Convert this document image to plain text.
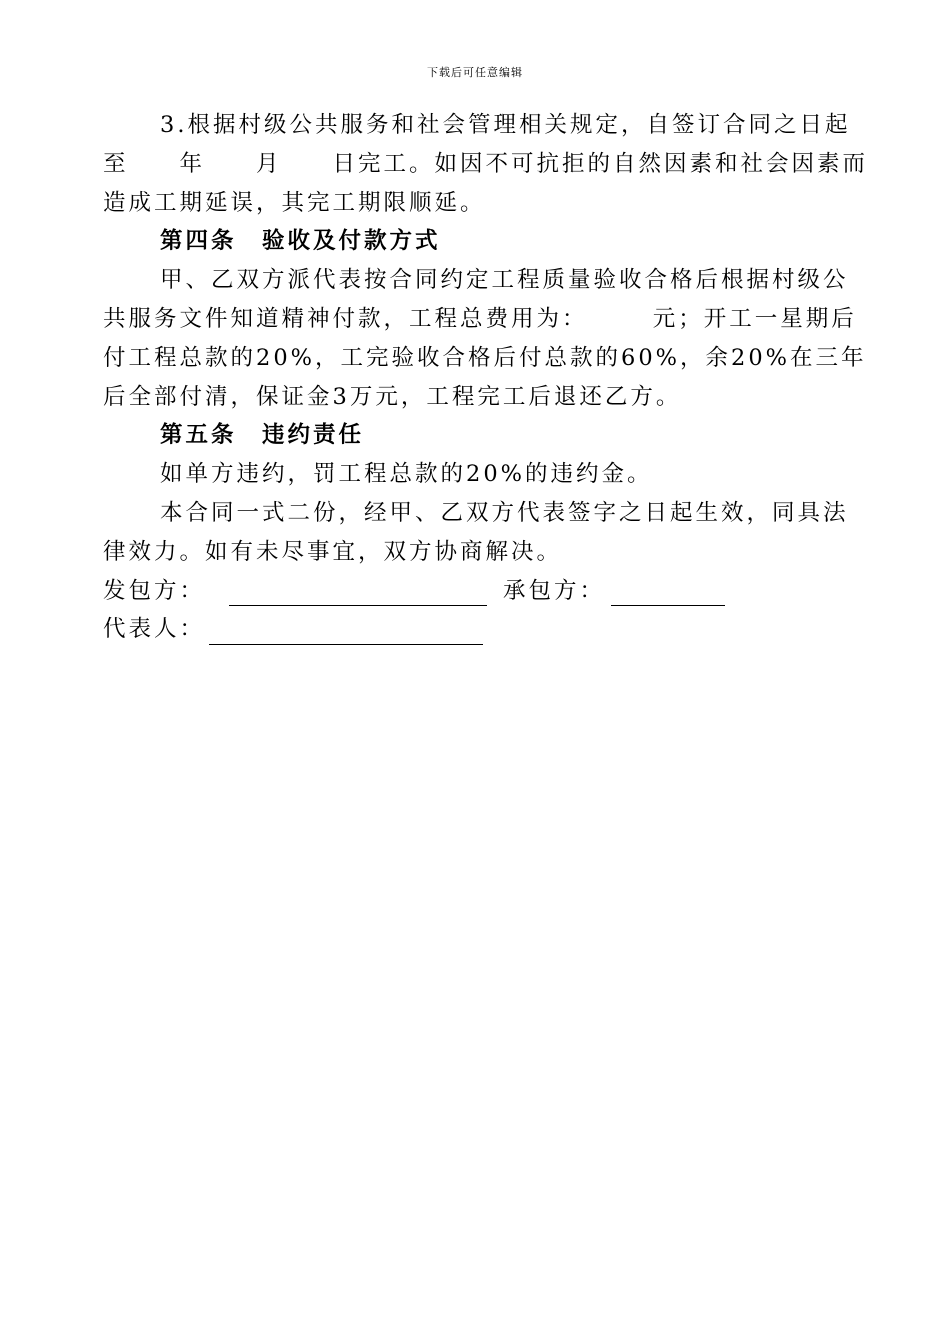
下载后可任意编辑

3.根据村级公共服务和社会管理相关规定，自签订合同之日起至　　年　　月　　日完工。如因不可抗拒的自然因素和社会因素而造成工期延误，其完工期限顺延。

第四条　验收及付款方式

甲、乙双方派代表按合同约定工程质量验收合格后根据村级公共服务文件知道精神付款，工程总费用为：　　　元；开工一星期后付工程总款的20%，工完验收合格后付总款的60%，余20%在三年后全部付清，保证金3万元，工程完工后退还乙方。

第五条　违约责任

如单方违约，罚工程总款的20%的违约金。

本合同一式二份，经甲、乙双方代表签字之日起生效，同具法律效力。如有未尽事宜，双方协商解决。

发包方：	承包方：
代表人：
